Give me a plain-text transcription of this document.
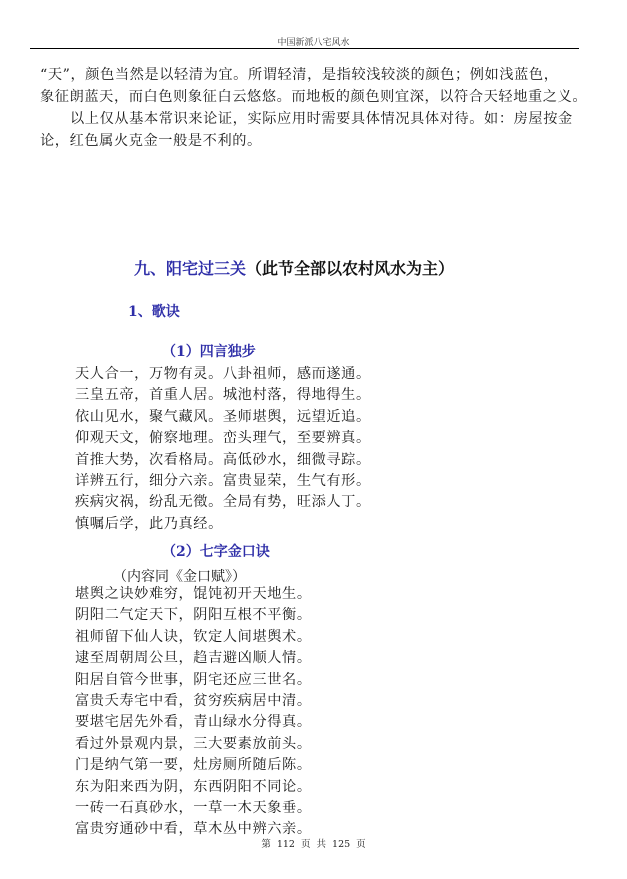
中国新派八宅风水
“天”，颜色当然是以轻清为宜。所谓轻清，是指较浅较淡的颜色；例如浅蓝色，
象征朗蓝天，而白色则象征白云悠悠。而地板的颜色则宜深，以符合天轻地重之义。
以上仅从基本常识来论证，实际应用时需要具体情况具体对待。如：房屋按金
论，红色属火克金一般是不利的。
九、阳宅过三关（此节全部以农村风水为主）
1、歌诀
（1）四言独步
天人合一，万物有灵。八卦祖师，感而遂通。
三皇五帝，首重人居。城池村落，得地得生。
依山见水，聚气藏风。圣师堪舆，远望近追。
仰观天文，俯察地理。峦头理气，至要辨真。
首推大势，次看格局。高低砂水，细微寻踪。
详辨五行，细分六亲。富贵显荣，生气有形。
疾病灾祸，纷乱无徵。全局有势，旺添人丁。
慎嘱后学，此乃真经。
（2）七字金口诀
（内容同《金口赋》）
堪舆之诀妙难穷，馄饨初开天地生。
阴阳二气定天下，阴阳互根不平衡。
祖师留下仙人诀，钦定人间堪舆术。
逮至周朝周公旦，趋吉避凶顺人情。
阳居自管今世事，阴宅还应三世名。
富贵夭寿宅中看，贫穷疾病居中清。
要堪宅居先外看，青山绿水分得真。
看过外景观内景，三大要素放前头。
门是纳气第一要，灶房厕所随后陈。
东为阳来西为阴，东西阴阳不同论。
一砖一石真砂水，一草一木天象垂。
富贵穷通砂中看，草木丛中辨六亲。
第 112 页 共 125 页
